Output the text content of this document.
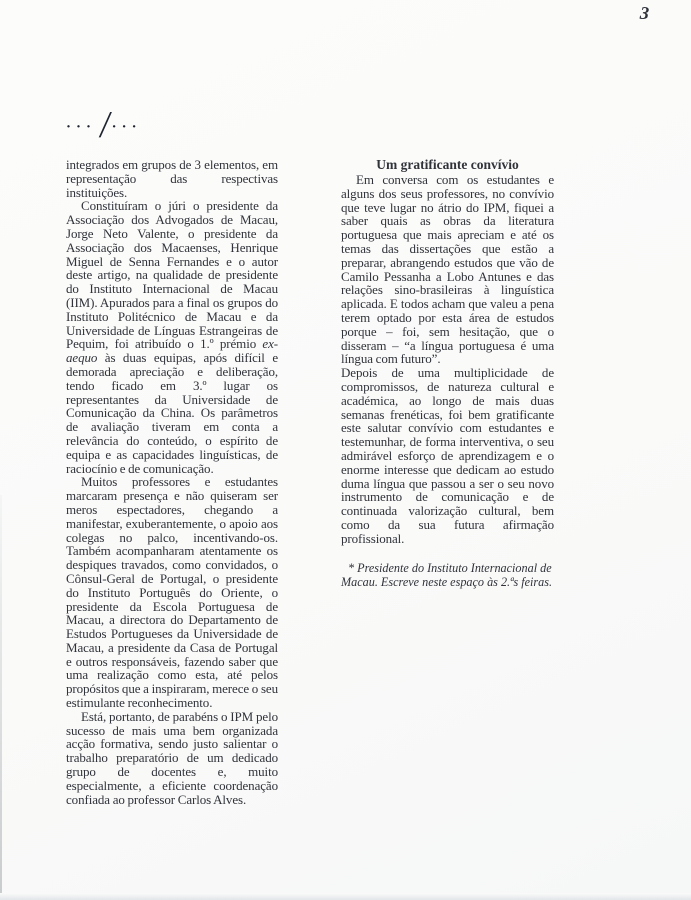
3
··· /
···

integrados em grupos de 3 elementos, em representação das respectivas instituições.

Constituíram o júri o presidente da Associação dos Advogados de Macau, Jorge Neto Valente, o presidente da Associação dos Macaenses, Henrique Miguel de Senna Fernandes e o autor deste artigo, na qualidade de presidente do Instituto Internacional de Macau (IIM). Apurados para a final os grupos do Instituto Politécnico de Macau e da Universidade de Línguas Estrangeiras de Pequim, foi atribuído o 1.º prémio ex-aequo às duas equipas, após difícil e demorada apreciação e deliberação, tendo ficado em 3.º lugar os representantes da Universidade de Comunicação da China. Os parâmetros de avaliação tiveram em conta a relevância do conteúdo, o espírito de equipa e as capacidades linguísticas, de raciocínio e de comunicação.

Muitos professores e estudantes marcaram presença e não quiseram ser meros espectadores, chegando a manifestar, exuberantemente, o apoio aos colegas no palco, incentivando-os. Também acompanharam atentamente os despiques travados, como convidados, o Cônsul-Geral de Portugal, o presidente do Instituto Português do Oriente, o presidente da Escola Portuguesa de Macau, a directora do Departamento de Estudos Portugueses da Universidade de Macau, a presidente da Casa de Portugal e outros responsáveis, fazendo saber que uma realização como esta, até pelos propósitos que a inspiraram, merece o seu estimulante reconhecimento.

Está, portanto, de parabéns o IPM pelo sucesso de mais uma bem organizada acção formativa, sendo justo salientar o trabalho preparatório de um dedicado grupo de docentes e, muito especialmente, a eficiente coordenação confiada ao professor Carlos Alves.

Um gratificante convívio

Em conversa com os estudantes e alguns dos seus professores, no convívio que teve lugar no átrio do IPM, fiquei a saber quais as obras da literatura portuguesa que mais apreciam e até os temas das dissertações que estão a preparar, abrangendo estudos que vão de Camilo Pessanha a Lobo Antunes e das relações sino-brasileiras à linguística aplicada. E todos acham que valeu a pena terem optado por esta área de estudos porque – foi, sem hesitação, que o disseram – “a língua portuguesa é uma língua com futuro”.

Depois de uma multiplicidade de compromissos, de natureza cultural e académica, ao longo de mais duas semanas frenéticas, foi bem gratificante este salutar convívio com estudantes e testemunhar, de forma interventiva, o seu admirável esforço de aprendizagem e o enorme interesse que dedicam ao estudo duma língua que passou a ser o seu novo instrumento de comunicação e de continuada valorização cultural, bem como da sua futura afirmação profissional.

* Presidente do Instituto Internacional de Macau. Escreve neste espaço às 2.ªs feiras.
